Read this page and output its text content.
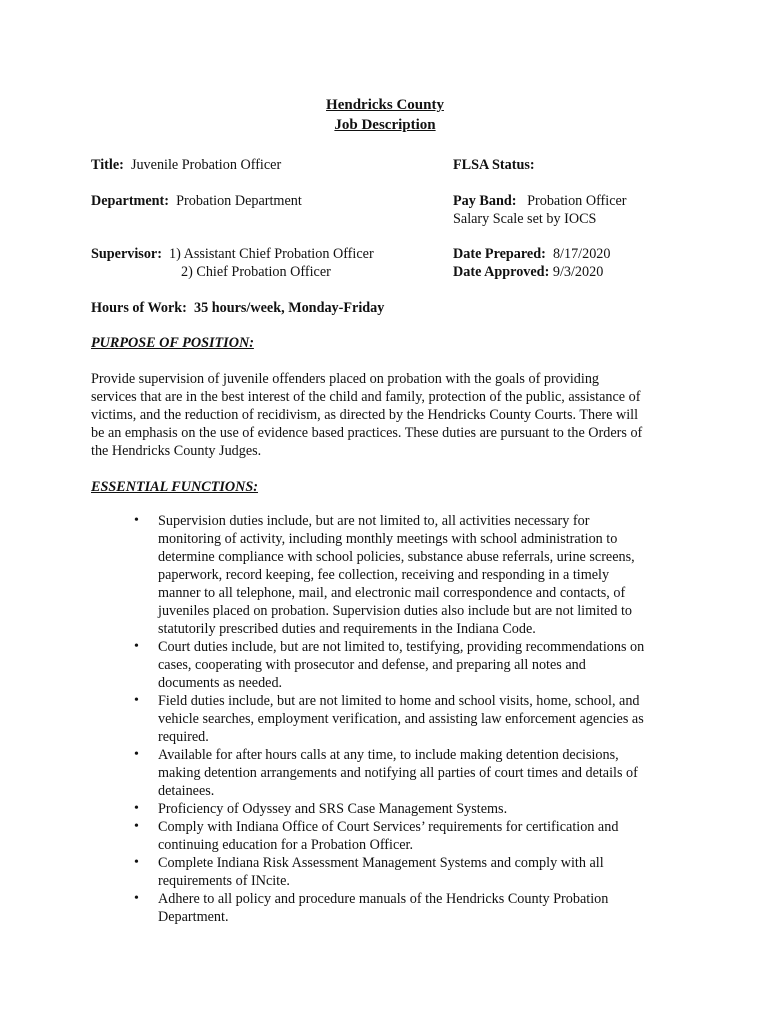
Hendricks County
Job Description
Title: Juvenile Probation Officer	FLSA Status:
Department: Probation Department	Pay Band: Probation Officer
Salary Scale set by IOCS
Supervisor: 1) Assistant Chief Probation Officer
2) Chief Probation Officer
Date Prepared: 8/17/2020
Date Approved: 9/3/2020
Hours of Work: 35 hours/week, Monday-Friday
PURPOSE OF POSITION:
Provide supervision of juvenile offenders placed on probation with the goals of providing
services that are in the best interest of the child and family, protection of the public, assistance of
victims, and the reduction of recidivism, as directed by the Hendricks County Courts. There will
be an emphasis on the use of evidence based practices. These duties are pursuant to the Orders of
the Hendricks County Judges.
ESSENTIAL FUNCTIONS:
• Supervision duties include, but are not limited to, all activities necessary for
monitoring of activity, including monthly meetings with school administration to
determine compliance with school policies, substance abuse referrals, urine screens,
paperwork, record keeping, fee collection, receiving and responding in a timely
manner to all telephone, mail, and electronic mail correspondence and contacts, of
juveniles placed on probation. Supervision duties also include but are not limited to
statutorily prescribed duties and requirements in the Indiana Code.
• Court duties include, but are not limited to, testifying, providing recommendations on
cases, cooperating with prosecutor and defense, and preparing all notes and
documents as needed.
• Field duties include, but are not limited to home and school visits, home, school, and
vehicle searches, employment verification, and assisting law enforcement agencies as
required.
• Available for after hours calls at any time, to include making detention decisions,
making detention arrangements and notifying all parties of court times and details of
detainees.
• Proficiency of Odyssey and SRS Case Management Systems.
• Comply with Indiana Office of Court Services’ requirements for certification and
continuing education for a Probation Officer.
• Complete Indiana Risk Assessment Management Systems and comply with all
requirements of INcite.
• Adhere to all policy and procedure manuals of the Hendricks County Probation
Department.
